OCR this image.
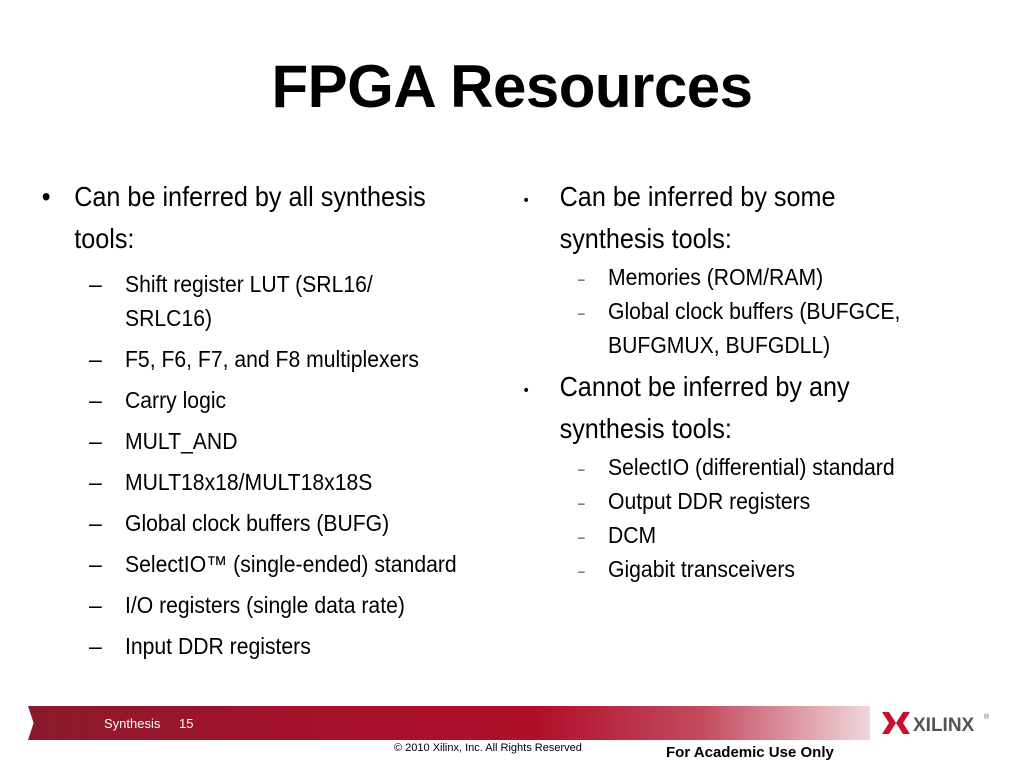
FPGA Resources
• Can be inferred by all synthesis
tools:
– Shift register LUT (SRL16/
SRLC16)
– F5, F6, F7, and F8 multiplexers
– Carry logic
– MULT_AND
– MULT18x18/MULT18x18S
– Global clock buffers (BUFG)
– SelectIO™ (single-ended) standard
– I/O registers (single data rate)
– Input DDR registers
• Can be inferred by some
synthesis tools:
– Memories (ROM/RAM)
– Global clock buffers (BUFGCE,
BUFGMUX, BUFGDLL)
• Cannot be inferred by any
synthesis tools:
– SelectIO (differential) standard
– Output DDR registers
– DCM
– Gigabit transceivers
Synthesis 15
© 2010 Xilinx, Inc. All Rights Reserved	For Academic Use Only
XILINX ®
